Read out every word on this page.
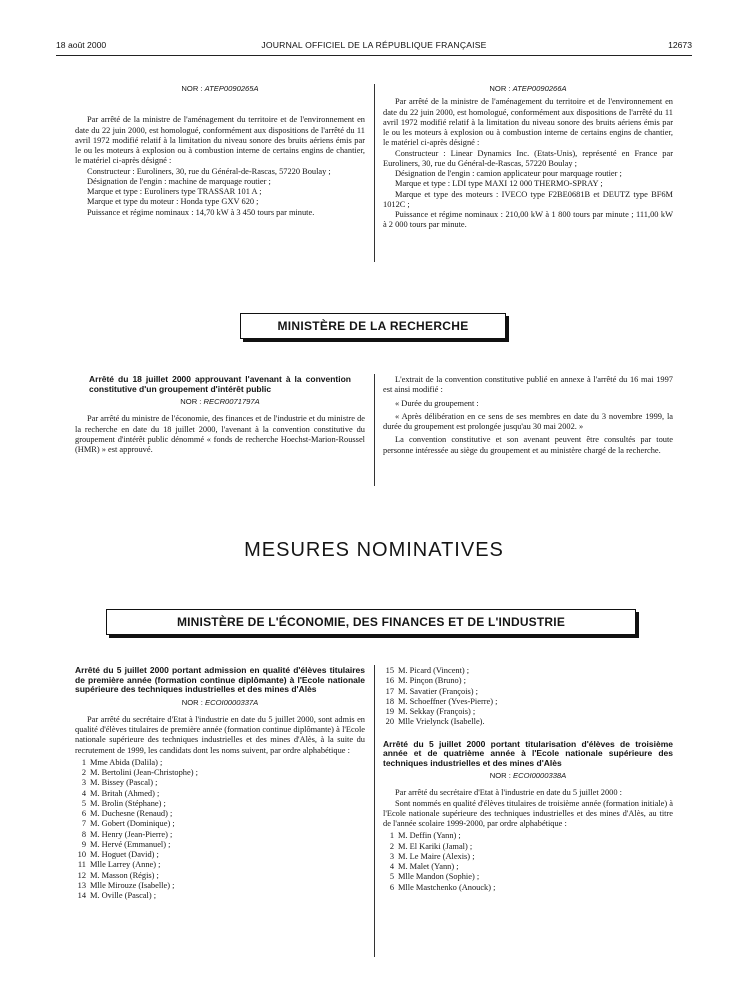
18 août 2000	JOURNAL OFFICIEL DE LA RÉPUBLIQUE FRANÇAISE	12673
NOR : ATEP0090265A

Par arrêté de la ministre de l'aménagement du territoire et de l'environnement en date du 22 juin 2000, est homologué, conformément aux dispositions de l'arrêté du 11 avril 1972 modifié relatif à la limitation du niveau sonore des bruits aériens émis par le ou les moteurs à explosion ou à combustion interne de certains engins de chantier, le matériel ci-après désigné :

Constructeur : Euroliners, 30, rue du Général-de-Rascas, 57220 Boulay ;

Désignation de l'engin : machine de marquage routier ;

Marque et type : Euroliners type TRASSAR 101 A ;

Marque et type du moteur : Honda type GXV 620 ;

Puissance et régime nominaux : 14,70 kW à 3 450 tours par minute.

NOR : ATEP0090266A

Par arrêté de la ministre de l'aménagement du territoire et de l'environnement en date du 22 juin 2000, est homologué, conformément aux dispositions de l'arrêté du 11 avril 1972 modifié relatif à la limitation du niveau sonore des bruits aériens émis par le ou les moteurs à explosion ou à combustion interne de certains engins de chantier, le matériel ci-après désigné :

Constructeur : Linear Dynamics Inc. (Etats-Unis), représenté en France par Euroliners, 30, rue du Général-de-Rascas, 57220 Boulay ;

Désignation de l'engin : camion applicateur pour marquage routier ;

Marque et type : LDI type MAXI 12 000 THERMO-SPRAY ;

Marque et type des moteurs : IVECO type F2BE0681B et DEUTZ type BF6M 1012C ;

Puissance et régime nominaux : 210,00 kW à 1 800 tours par minute ; 111,00 kW à 2 000 tours par minute.

MINISTÈRE DE LA RECHERCHE
Arrêté du 18 juillet 2000 approuvant l'avenant à la convention constitutive d'un groupement d'intérêt public
NOR : RECR0071797A

Par arrêté du ministre de l'économie, des finances et de l'industrie et du ministre de la recherche en date du 18 juillet 2000, l'avenant à la convention constitutive du groupement d'intérêt public dénommé « fonds de recherche Hoechst-Marion-Roussel (HMR) » est approuvé.

L'extrait de la convention constitutive publié en annexe à l'arrêté du 16 mai 1997 est ainsi modifié :

« Durée du groupement :

« Après délibération en ce sens de ses membres en date du 3 novembre 1999, la durée du groupement est prolongée jusqu'au 30 mai 2002. »

La convention constitutive et son avenant peuvent être consultés par toute personne intéressée au siège du groupement et au ministère chargé de la recherche.

MESURES NOMINATIVES
MINISTÈRE DE L'ÉCONOMIE, DES FINANCES ET DE L'INDUSTRIE
Arrêté du 5 juillet 2000 portant admission en qualité d'élèves titulaires de première année (formation continue diplômante) à l'Ecole nationale supérieure des techniques industrielles et des mines d'Alès
NOR : ECOI0000337A

Par arrêté du secrétaire d'Etat à l'industrie en date du 5 juillet 2000, sont admis en qualité d'élèves titulaires de première année (formation continue diplômante) à l'Ecole nationale supérieure des techniques industrielles et des mines d'Alès, à la suite du recrutement de 1999, les candidats dont les noms suivent, par ordre alphabétique :

1 Mme Abida (Dalila) ;
2 M. Bertolini (Jean-Christophe) ;
3 M. Bissey (Pascal) ;
4 M. Britah (Ahmed) ;
5 M. Brolin (Stéphane) ;
6 M. Duchesne (Renaud) ;
7 M. Gobert (Dominique) ;
8 M. Henry (Jean-Pierre) ;
9 M. Hervé (Emmanuel) ;
10 M. Hoguet (David) ;
11 Mlle Larrey (Anne) ;
12 M. Masson (Régis) ;
13 Mlle Mirouze (Isabelle) ;
14 M. Oville (Pascal) ;
15 M. Picard (Vincent) ;
16 M. Pinçon (Bruno) ;
17 M. Savatier (François) ;
18 M. Schoeffner (Yves-Pierre) ;
19 M. Sekkay (François) ;
20 Mlle Vrielynck (Isabelle).
Arrêté du 5 juillet 2000 portant titularisation d'élèves de troisième année et de quatrième année à l'Ecole nationale supérieure des techniques industrielles et des mines d'Alès
NOR : ECOI0000338A

Par arrêté du secrétaire d'Etat à l'industrie en date du 5 juillet 2000 :

Sont nommés en qualité d'élèves titulaires de troisième année (formation initiale) à l'Ecole nationale supérieure des techniques industrielles et des mines d'Alès, au titre de l'année scolaire 1999-2000, par ordre alphabétique :

1 M. Deffin (Yann) ;
2 M. El Kariki (Jamal) ;
3 M. Le Maire (Alexis) ;
4 M. Malet (Yann) ;
5 Mlle Mandon (Sophie) ;
6 Mlle Mastchenko (Anouck) ;
